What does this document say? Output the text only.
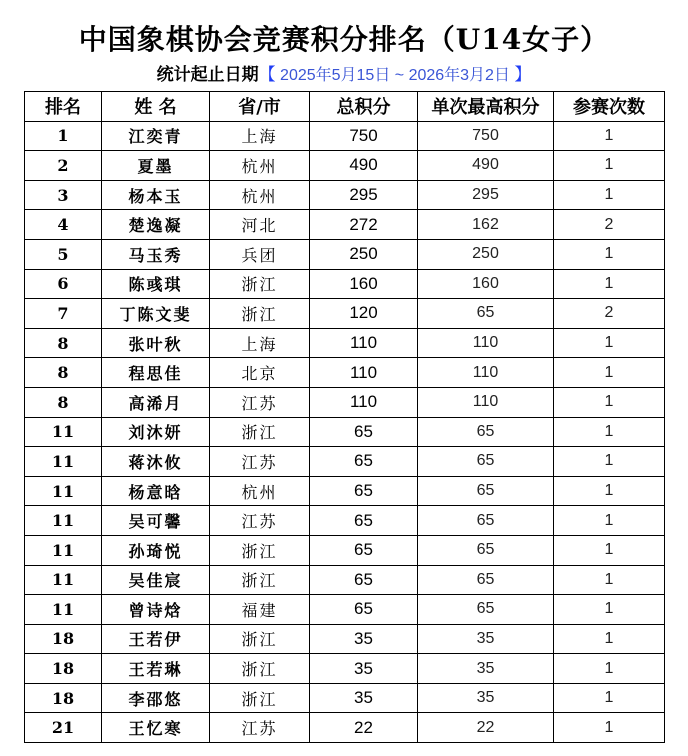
中国象棋协会竞赛积分排名（U14女子）
统计起止日期【 2025年5月15日 ~ 2026年3月2日 】
排名	姓 名	省/市	总积分	单次最高积分	参赛次数
1	江奕青	上海	750	750	1
2	夏墨	杭州	490	490	1
3	杨本玉	杭州	295	295	1
4	楚逸凝	河北	272	162	2
5	马玉秀	兵团	250	250	1
6	陈彧琪	浙江	160	160	1
7	丁陈文斐	浙江	120	65	2
8	张叶秋	上海	110	110	1
8	程思佳	北京	110	110	1
8	高浠月	江苏	110	110	1
11	刘沐妍	浙江	65	65	1
11	蒋沐攸	江苏	65	65	1
11	杨意晗	杭州	65	65	1
11	吴可馨	江苏	65	65	1
11	孙琦悦	浙江	65	65	1
11	吴佳宸	浙江	65	65	1
11	曾诗焓	福建	65	65	1
18	王若伊	浙江	35	35	1
18	王若琳	浙江	35	35	1
18	李邵悠	浙江	35	35	1
21	王忆寒	江苏	22	22	1
